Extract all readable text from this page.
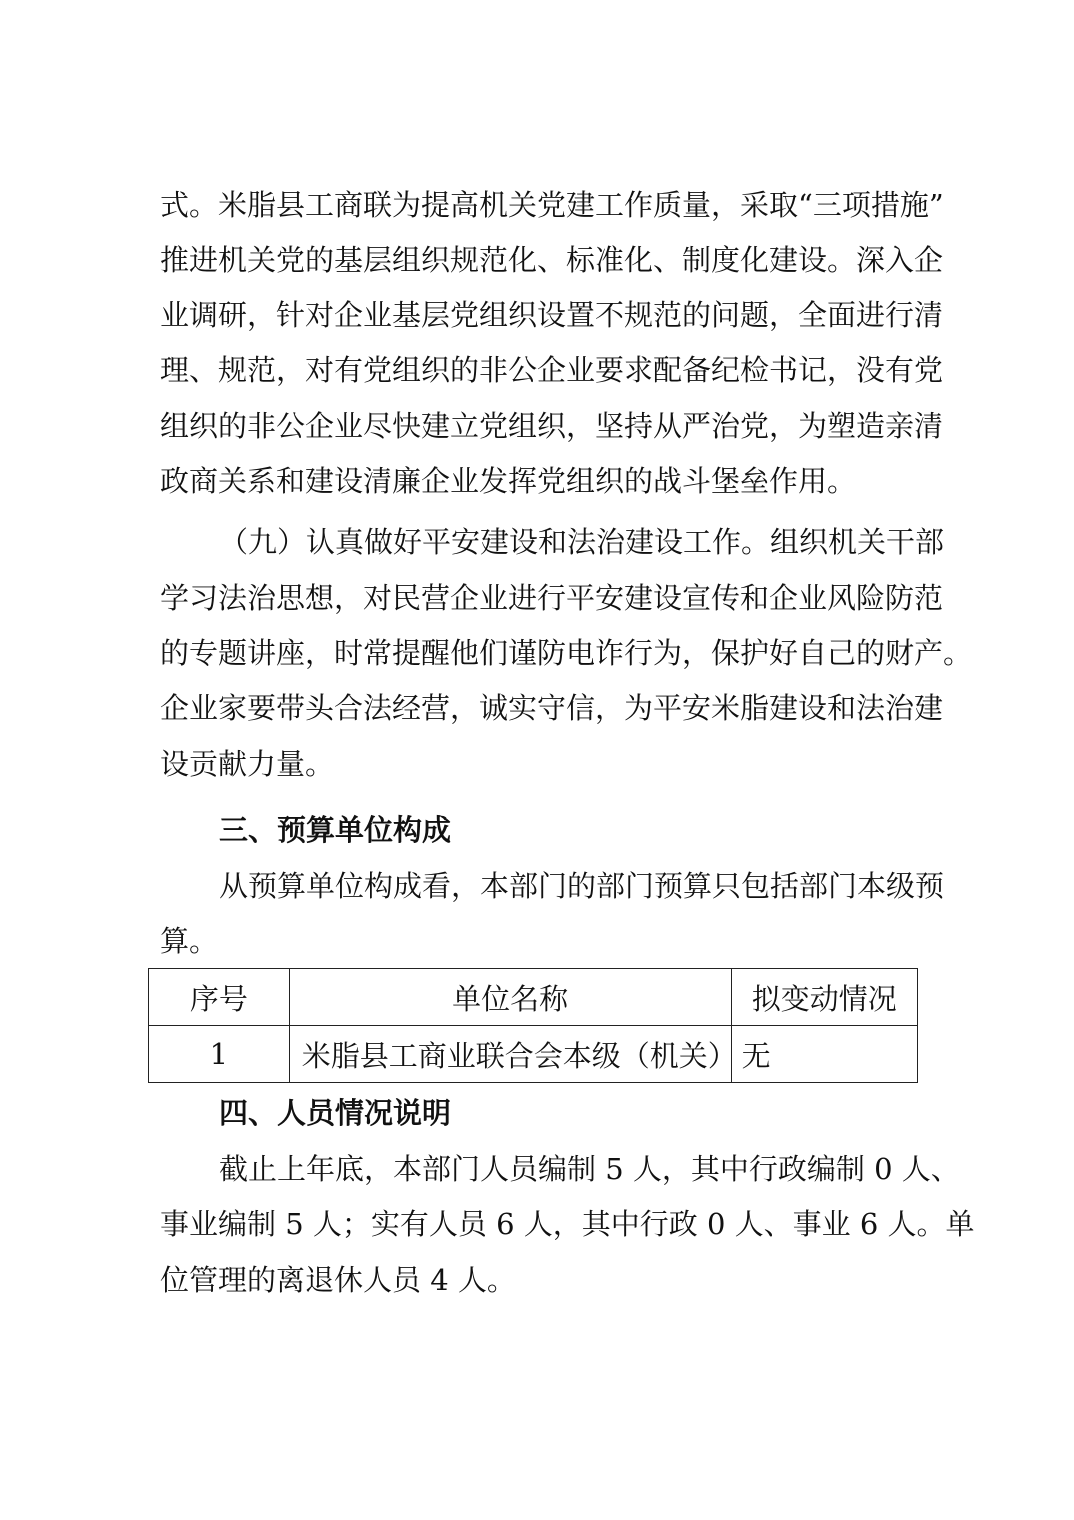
式。米脂县工商联为提高机关党建工作质量，采取“三项措施”
推进机关党的基层组织规范化、标准化、制度化建设。深入企
业调研，针对企业基层党组织设置不规范的问题，全面进行清
理、规范，对有党组织的非公企业要求配备纪检书记，没有党
组织的非公企业尽快建立党组织，坚持从严治党，为塑造亲清
政商关系和建设清廉企业发挥党组织的战斗堡垒作用。
（九）认真做好平安建设和法治建设工作。组织机关干部
学习法治思想，对民营企业进行平安建设宣传和企业风险防范
的专题讲座，时常提醒他们谨防电诈行为，保护好自己的财产。
企业家要带头合法经营，诚实守信，为平安米脂建设和法治建
设贡献力量。
三、预算单位构成
从预算单位构成看，本部门的部门预算只包括部门本级预
算。
序号	单位名称	拟变动情况
1	米脂县工商业联合会本级（机关）	无
四、人员情况说明
截止上年底，本部门人员编制 5 人，其中行政编制 0 人、
事业编制 5 人；实有人员 6 人，其中行政 0 人、事业 6 人。单
位管理的离退休人员 4 人。
